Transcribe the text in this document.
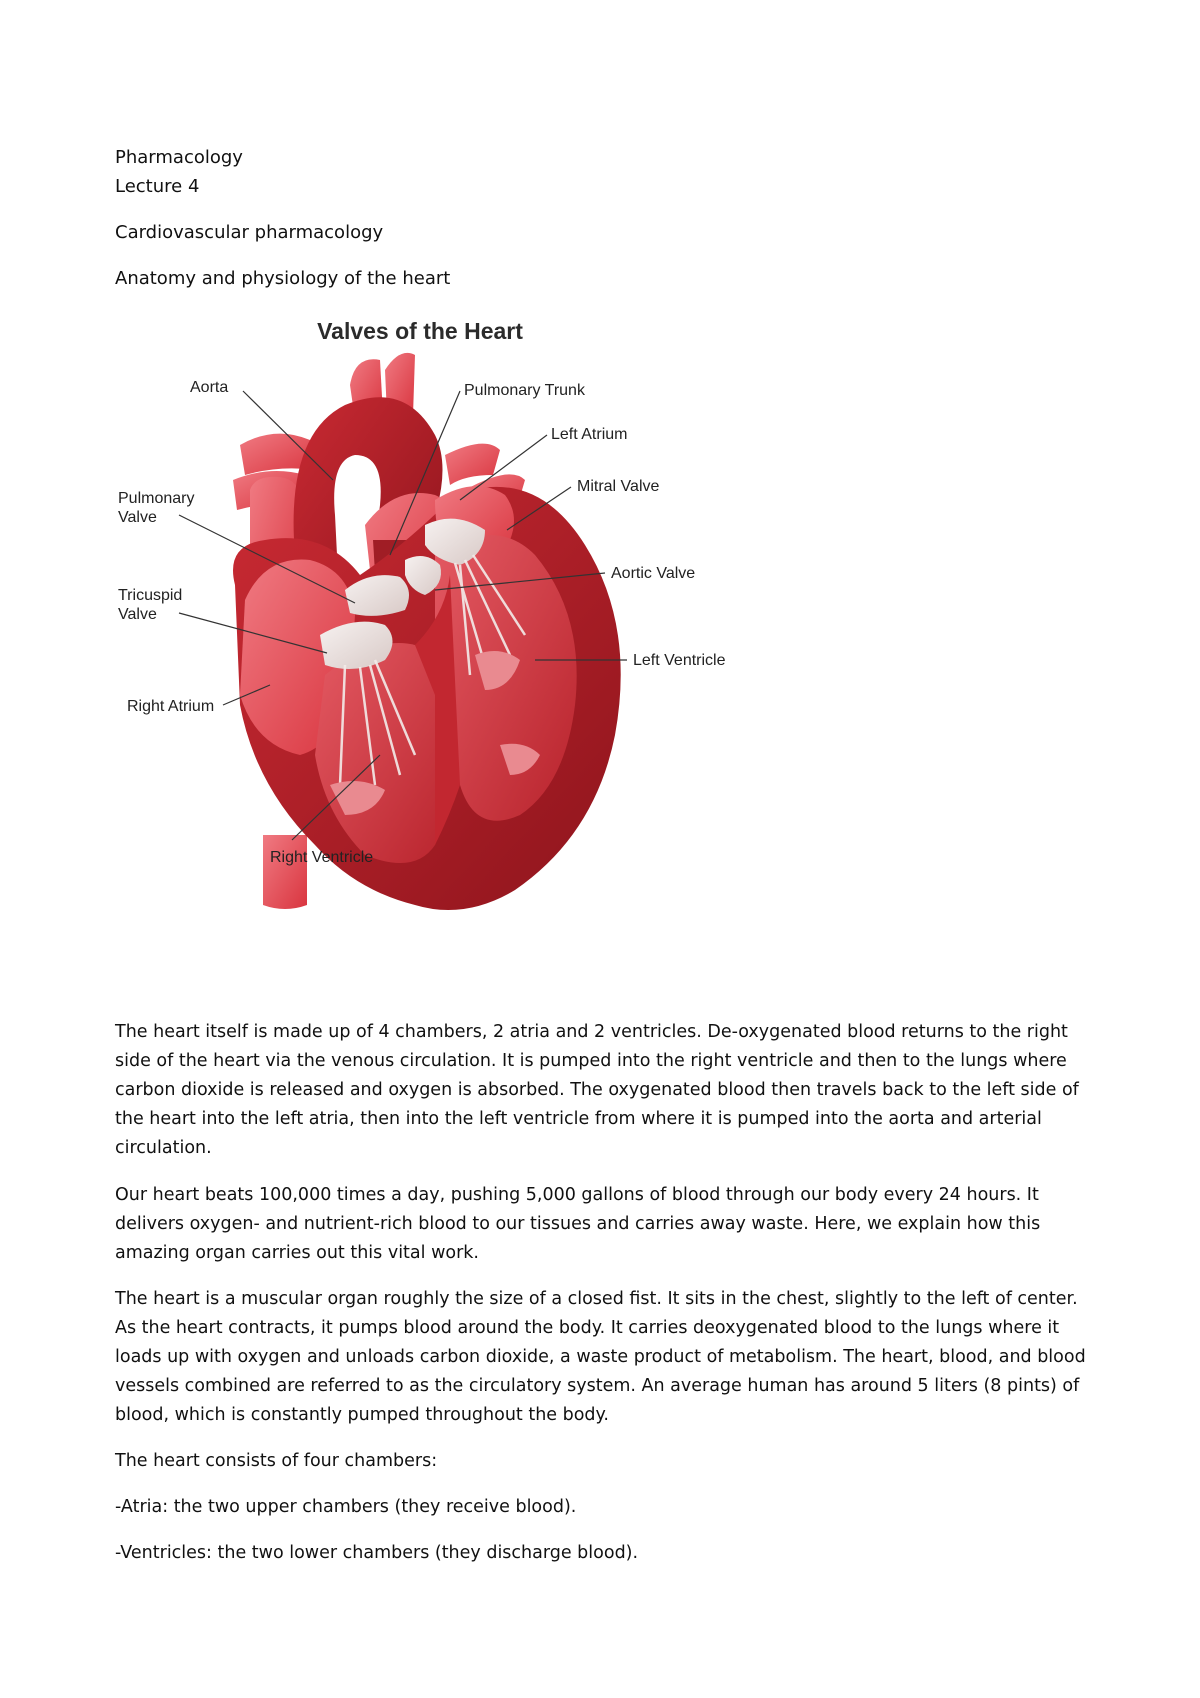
Pharmacology
Lecture 4
Cardiovascular pharmacology
Anatomy and physiology of the heart
Valves of the Heart
Aorta	Pulmonary Trunk
Left Atrium
Mitral Valve
Pulmonary
Valve
Aortic Valve
Tricuspid
Valve
Left Ventricle
Right Atrium
Right Ventricle

The heart itself is made up of 4 chambers, 2 atria and 2 ventricles. De-oxygenated blood returns to the right side of the heart via the venous circulation. It is pumped into the right ventricle and then to the lungs where carbon dioxide is released and oxygen is absorbed. The oxygenated blood then travels back to the left side of the heart into the left atria, then into the left ventricle from where it is pumped into the aorta and arterial circulation.

Our heart beats 100,000 times a day, pushing 5,000 gallons of blood through our body every 24 hours. It delivers oxygen- and nutrient-rich blood to our tissues and carries away waste. Here, we explain how this amazing organ carries out this vital work.

The heart is a muscular organ roughly the size of a closed fist. It sits in the chest, slightly to the left of center. As the heart contracts, it pumps blood around the body. It carries deoxygenated blood to the lungs where it loads up with oxygen and unloads carbon dioxide, a waste product of metabolism. The heart, blood, and blood vessels combined are referred to as the circulatory system. An average human has around 5 liters (8 pints) of blood, which is constantly pumped throughout the body.

The heart consists of four chambers:

-Atria: the two upper chambers (they receive blood).

-Ventricles: the two lower chambers (they discharge blood).
